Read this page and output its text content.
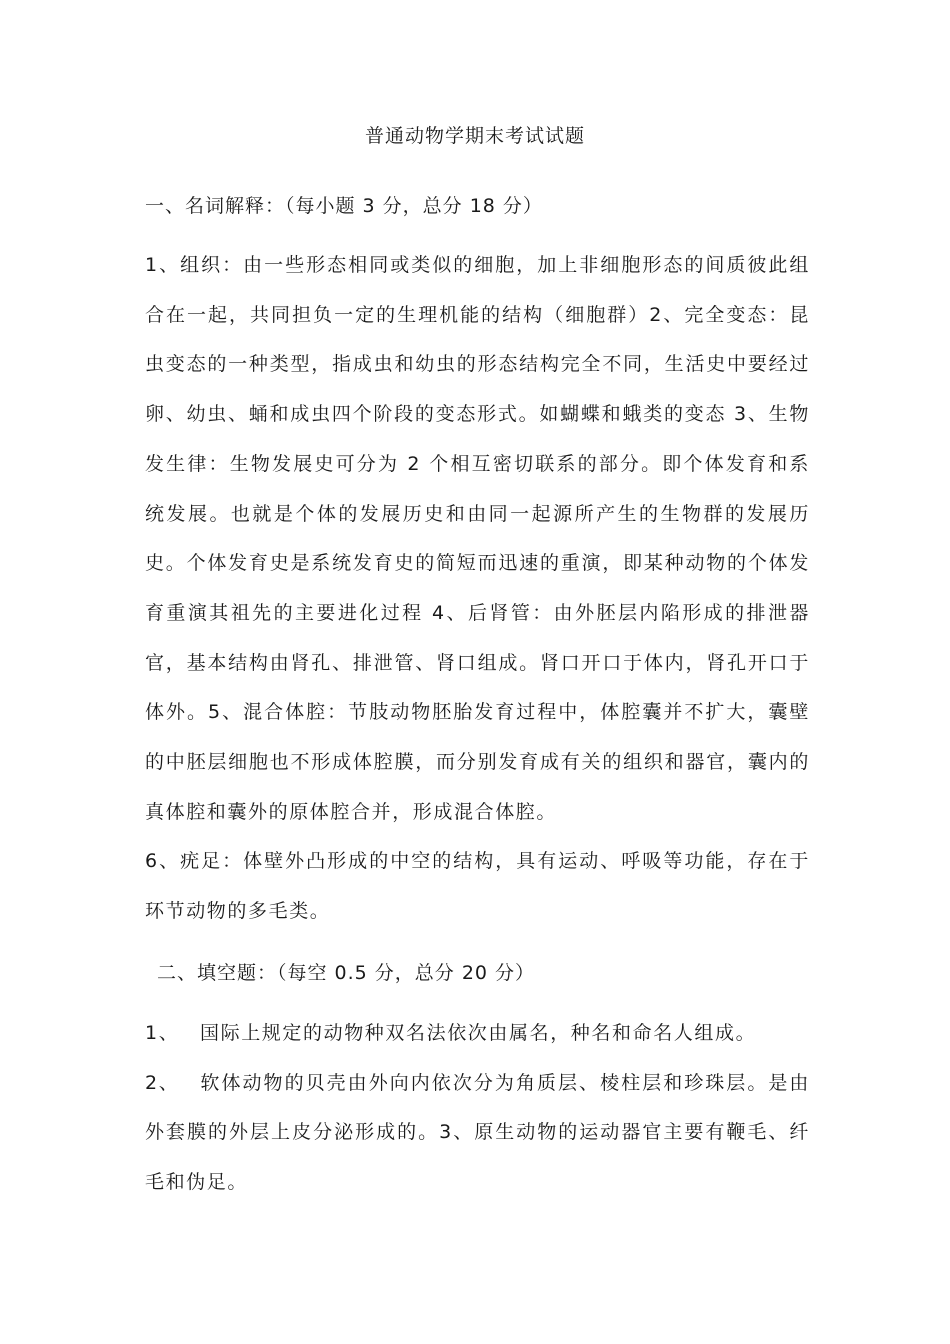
普通动物学期末考试试题

一、名词解释：（每小题 3 分，总分 18 分）

1、组织：由一些形态相同或类似的细胞，加上非细胞形态的间质彼此组合在一起，共同担负一定的生理机能的结构（细胞群）2、完全变态：昆虫变态的一种类型，指成虫和幼虫的形态结构完全不同，生活史中要经过卵、幼虫、蛹和成虫四个阶段的变态形式。如蝴蝶和蛾类的变态 3、生物发生律：生物发展史可分为 2 个相互密切联系的部分。即个体发育和系统发展。也就是个体的发展历史和由同一起源所产生的生物群的发展历史。个体发育史是系统发育史的简短而迅速的重演，即某种动物的个体发育重演其祖先的主要进化过程 4、后肾管：由外胚层内陷形成的排泄器官，基本结构由肾孔、排泄管、肾口组成。肾口开口于体内，肾孔开口于体外。5、混合体腔：节肢动物胚胎发育过程中，体腔囊并不扩大，囊壁的中胚层细胞也不形成体腔膜，而分别发育成有关的组织和器官，囊内的真体腔和囊外的原体腔合并，形成混合体腔。

6、疣足：体壁外凸形成的中空的结构，具有运动、呼吸等功能，存在于环节动物的多毛类。

二、填空题：（每空 0.5 分，总分 20 分）

1、 国际上规定的动物种双名法依次由属名，种名和命名人组成。

2、 软体动物的贝壳由外向内依次分为角质层、棱柱层和珍珠层。是由外套膜的外层上皮分泌形成的。3、原生动物的运动器官主要有鞭毛、纤毛和伪足。
